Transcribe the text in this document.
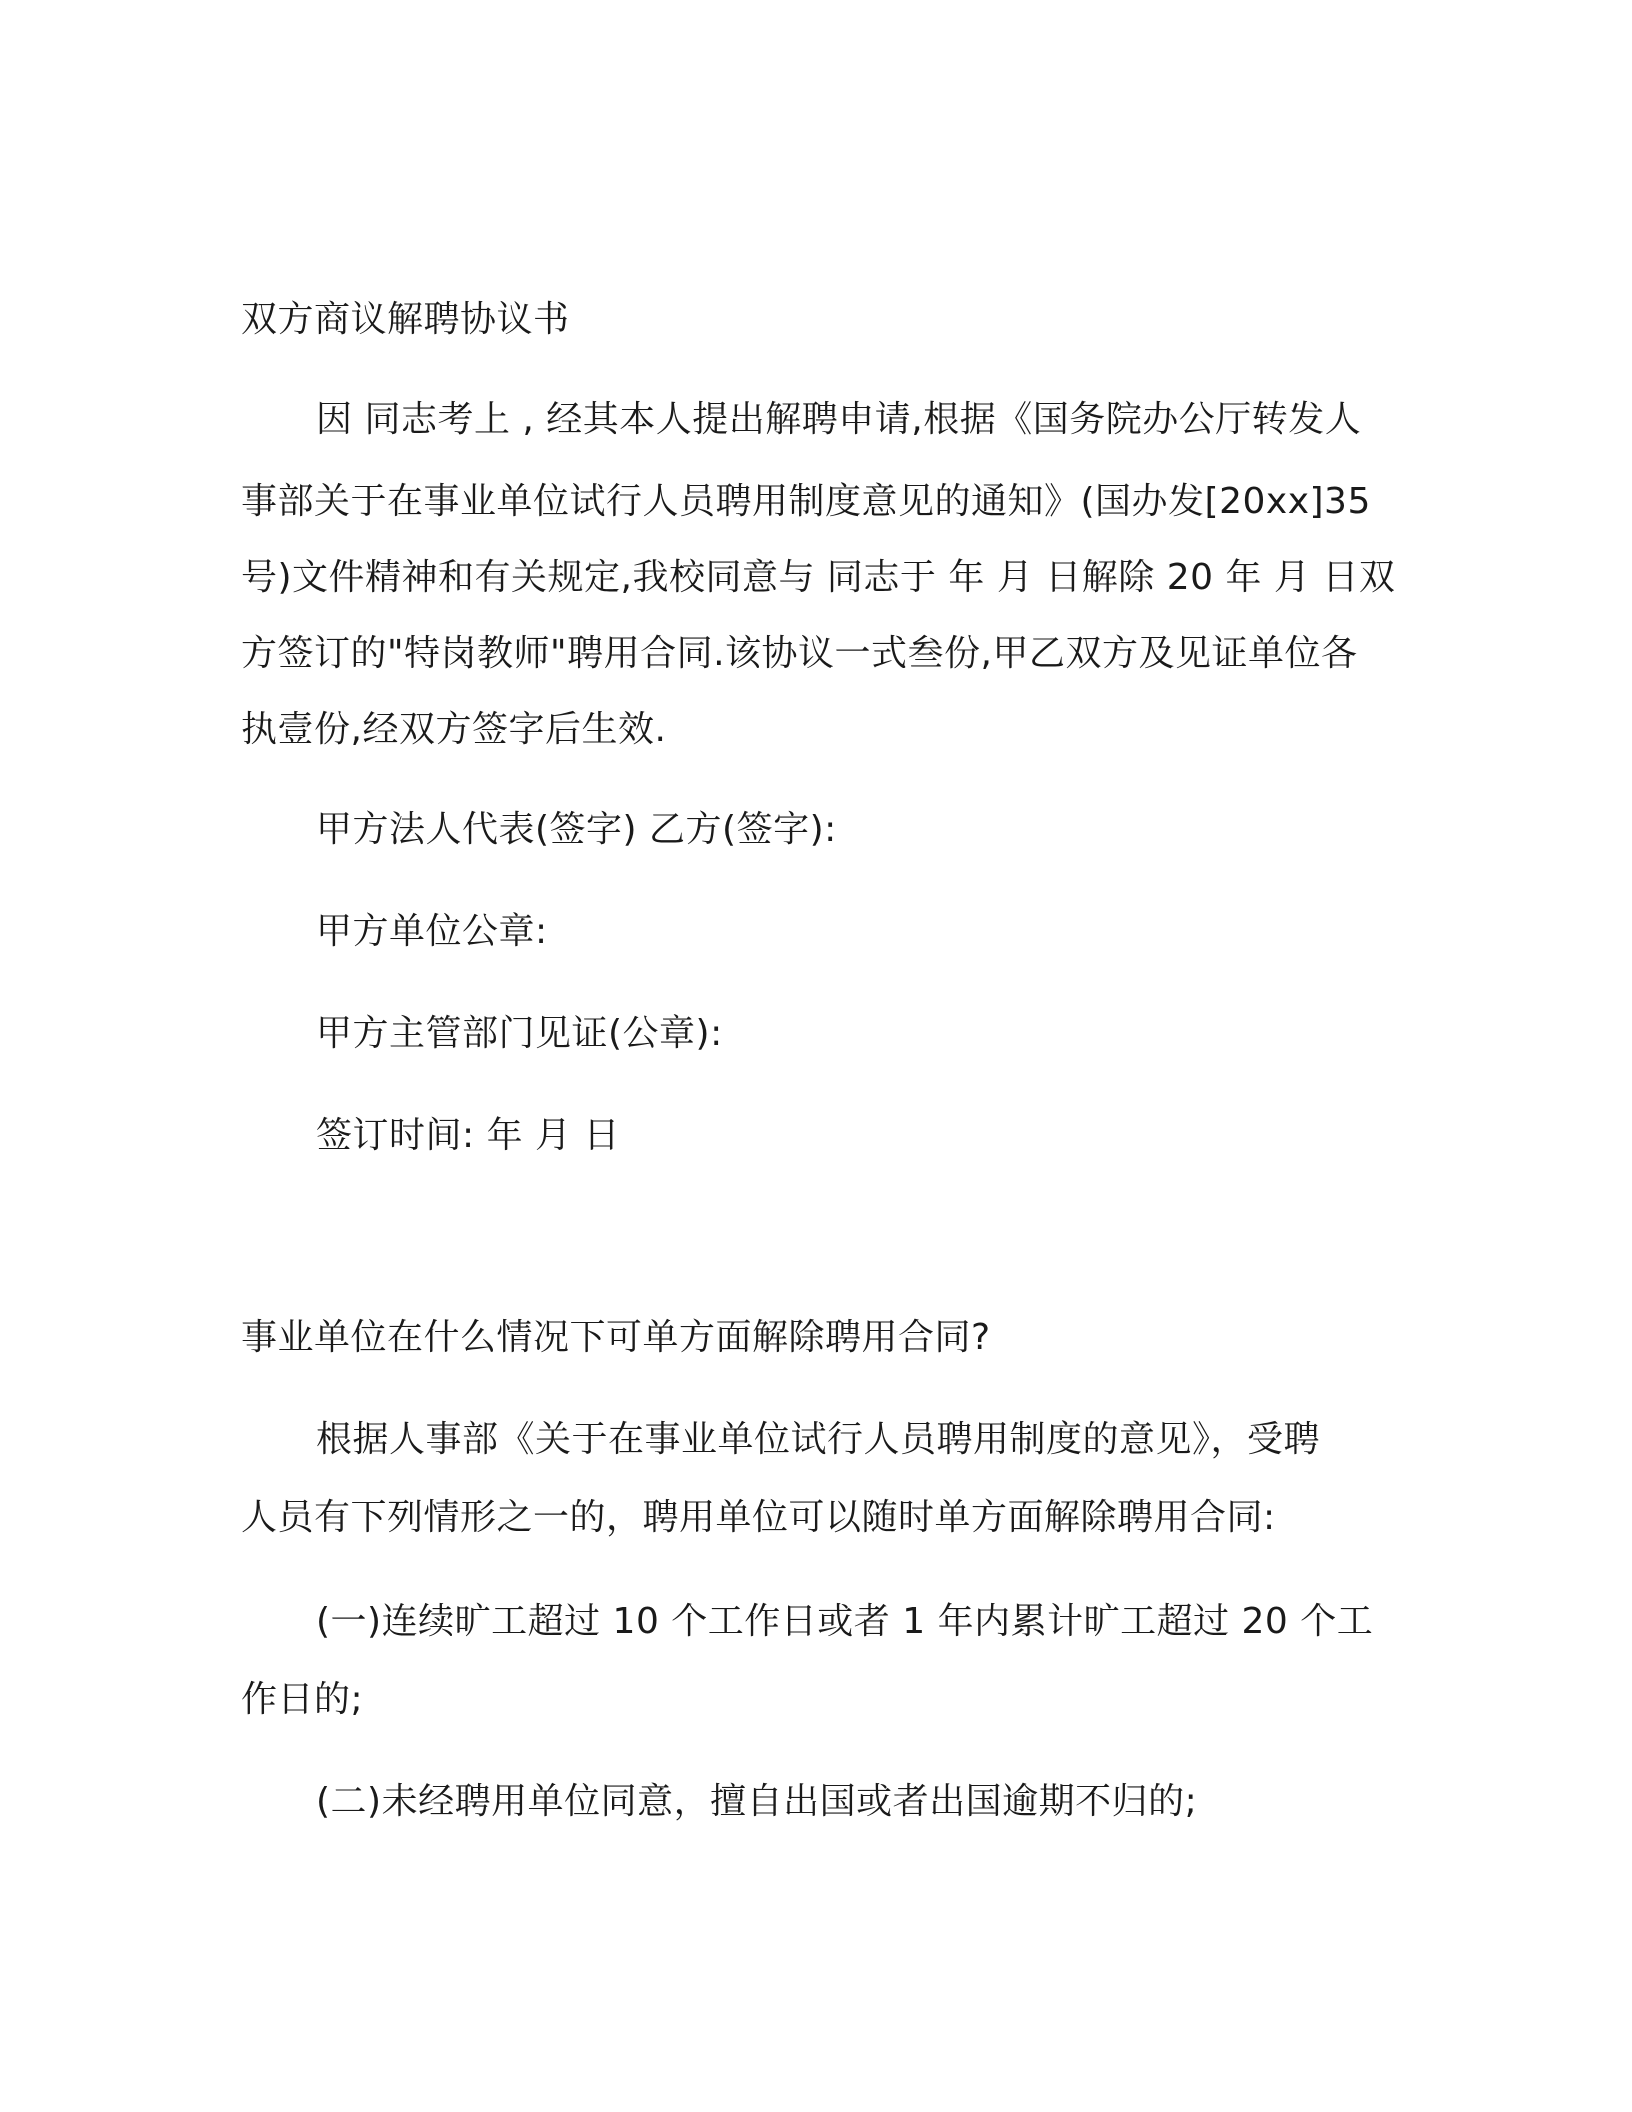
双方商议解聘协议书
因 同志考上 , 经其本人提出解聘申请,根据《国务院办公厅转发人
事部关于在事业单位试行人员聘用制度意见的通知》(国办发[20xx]35
号)文件精神和有关规定,我校同意与 同志于 年 月 日解除 20 年 月 日双
方签订的"特岗教师"聘用合同.该协议一式叁份,甲乙双方及见证单位各
执壹份,经双方签字后生效.
甲方法人代表(签字) 乙方(签字):
甲方单位公章:
甲方主管部门见证(公章):
签订时间: 年 月 日
事业单位在什么情况下可单方面解除聘用合同?
根据人事部《关于在事业单位试行人员聘用制度的意见》，受聘
人员有下列情形之一的，聘用单位可以随时单方面解除聘用合同:
(一)连续旷工超过 10 个工作日或者 1 年内累计旷工超过 20 个工
作日的;
(二)未经聘用单位同意，擅自出国或者出国逾期不归的;
